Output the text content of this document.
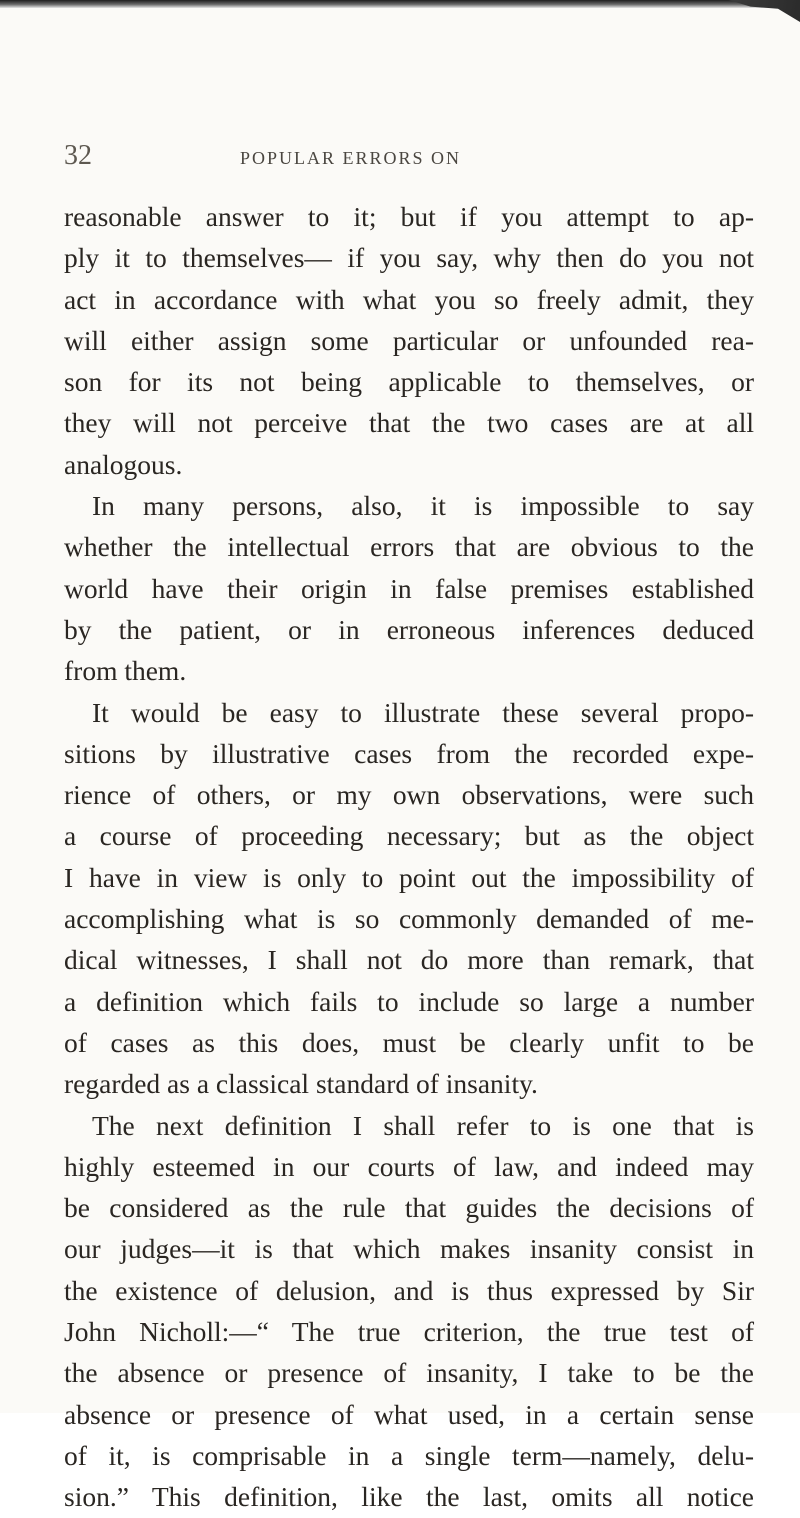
32	POPULAR ERRORS ON
reasonable answer to it; but if you attempt to ap-
ply it to themselves— if you say, why then do you not
act in accordance with what you so freely admit, they
will either assign some particular or unfounded rea-
son for its not being applicable to themselves, or
they will not perceive that the two cases are at all
analogous.
In many persons, also, it is impossible to say
whether the intellectual errors that are obvious to the
world have their origin in false premises established
by the patient, or in erroneous inferences deduced
from them.
It would be easy to illustrate these several propo-
sitions by illustrative cases from the recorded expe-
rience of others, or my own observations, were such
a course of proceeding necessary; but as the object
I have in view is only to point out the impossibility of
accomplishing what is so commonly demanded of me-
dical witnesses, I shall not do more than remark, that
a definition which fails to include so large a number
of cases as this does, must be clearly unfit to be
regarded as a classical standard of insanity.
The next definition I shall refer to is one that is
highly esteemed in our courts of law, and indeed may
be considered as the rule that guides the decisions of
our judges—it is that which makes insanity consist in
the existence of delusion, and is thus expressed by Sir
John Nicholl:—“ The true criterion, the true test of
the absence or presence of insanity, I take to be the
absence or presence of what used, in a certain sense
of it, is comprisable in a single term—namely, delu-
sion.” This definition, like the last, omits all notice
